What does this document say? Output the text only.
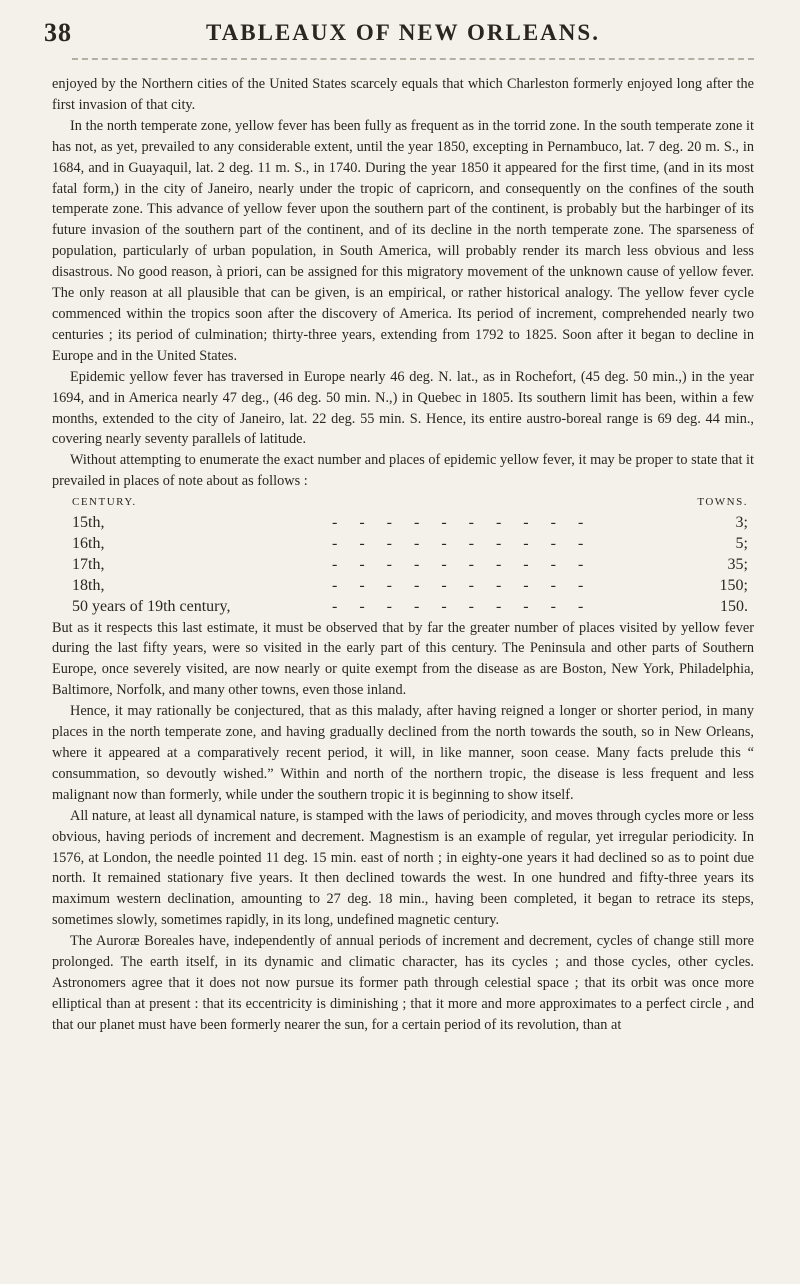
38	TABLEAUX OF NEW ORLEANS.

enjoyed by the Northern cities of the United States scarcely equals that which Charleston formerly enjoyed long after the first invasion of that city.

In the north temperate zone, yellow fever has been fully as frequent as in the torrid zone. In the south temperate zone it has not, as yet, prevailed to any considerable extent, until the year 1850, excepting in Pernambuco, lat. 7 deg. 20 m. S., in 1684, and in Guayaquil, lat. 2 deg. 11 m. S., in 1740. During the year 1850 it appeared for the first time, (and in its most fatal form,) in the city of Janeiro, nearly under the tropic of capricorn, and consequently on the confines of the south temperate zone. This advance of yellow fever upon the southern part of the continent, is probably but the harbinger of its future invasion of the southern part of the continent, and of its decline in the north temperate zone. The sparseness of population, particularly of urban population, in South America, will probably render its march less obvious and less disastrous. No good reason, à priori, can be assigned for this migratory movement of the unknown cause of yellow fever. The only reason at all plausible that can be given, is an empirical, or rather historical analogy. The yellow fever cycle commenced within the tropics soon after the discovery of America. Its period of increment, comprehended nearly two centuries ; its period of culmination; thirty-three years, extending from 1792 to 1825. Soon after it began to decline in Europe and in the United States.

Epidemic yellow fever has traversed in Europe nearly 46 deg. N. lat., as in Rochefort, (45 deg. 50 min.,) in the year 1694, and in America nearly 47 deg., (46 deg. 50 min. N.,) in Quebec in 1805. Its southern limit has been, within a few months, extended to the city of Janeiro, lat. 22 deg. 55 min. S. Hence, its entire austro-boreal range is 69 deg. 44 min., covering nearly seventy parallels of latitude.

Without attempting to enumerate the exact number and places of epidemic yellow fever, it may be proper to state that it prevailed in places of note about as follows :

CENTURY.	TOWNS.
15th,	- - - - - - - - - -	3;
16th,	- - - - - - - - - -	5;
17th,	- - - - - - - - - -	35;
18th,	- - - - - - - - - -	150;
50 years of 19th century,	- - - - - - - - - -	150.

But as it respects this last estimate, it must be observed that by far the greater number of places visited by yellow fever during the last fifty years, were so visited in the early part of this century. The Peninsula and other parts of Southern Europe, once severely visited, are now nearly or quite exempt from the disease as are Boston, New York, Philadelphia, Baltimore, Norfolk, and many other towns, even those inland.

Hence, it may rationally be conjectured, that as this malady, after having reigned a longer or shorter period, in many places in the north temperate zone, and having gradually declined from the north towards the south, so in New Orleans, where it appeared at a comparatively recent period, it will, in like manner, soon cease. Many facts prelude this “ consummation, so devoutly wished.” Within and north of the northern tropic, the disease is less frequent and less malignant now than formerly, while under the southern tropic it is beginning to show itself.

All nature, at least all dynamical nature, is stamped with the laws of periodicity, and moves through cycles more or less obvious, having periods of increment and decrement. Magnestism is an example of regular, yet irregular periodicity. In 1576, at London, the needle pointed 11 deg. 15 min. east of north ; in eighty-one years it had declined so as to point due north. It remained stationary five years. It then declined towards the west. In one hundred and fifty-three years its maximum western declination, amounting to 27 deg. 18 min., having been completed, it began to retrace its steps, sometimes slowly, sometimes rapidly, in its long, undefined magnetic century.

The Auroræ Boreales have, independently of annual periods of increment and decrement, cycles of change still more prolonged. The earth itself, in its dynamic and climatic character, has its cycles ; and those cycles, other cycles. Astronomers agree that it does not now pursue its former path through celestial space ; that its orbit was once more elliptical than at present : that its eccentricity is diminishing ; that it more and more approximates to a perfect circle , and that our planet must have been formerly nearer the sun, for a certain period of its revolution, than at
